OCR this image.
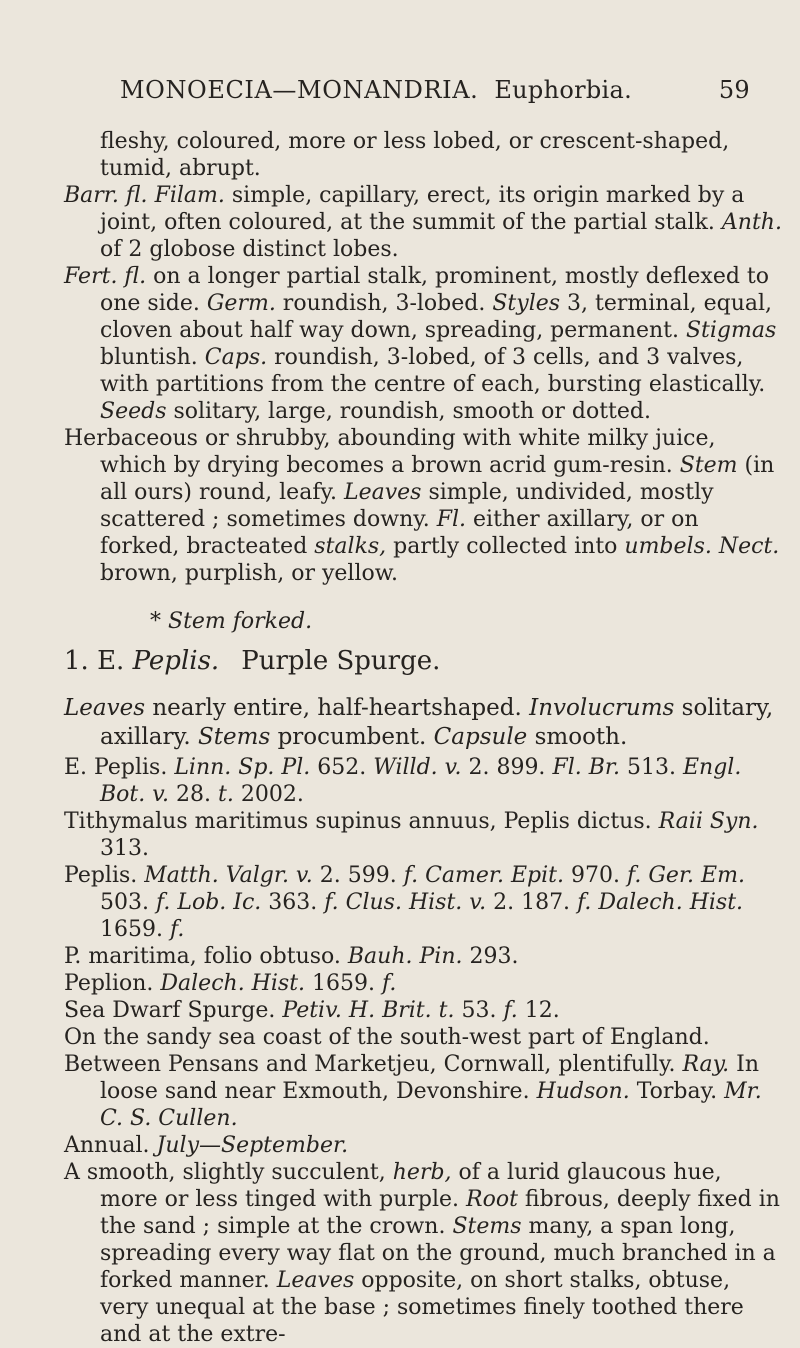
MONOECIA—MONANDRIA. Euphorbia.	59

fleshy, coloured, more or less lobed, or crescent-shaped, tumid, abrupt.

Barr. fl. Filam. simple, capillary, erect, its origin marked by a joint, often coloured, at the summit of the partial stalk. Anth. of 2 globose distinct lobes.

Fert. fl. on a longer partial stalk, prominent, mostly deflexed to one side. Germ. roundish, 3-lobed. Styles 3, terminal, equal, cloven about half way down, spreading, permanent. Stigmas bluntish. Caps. roundish, 3-lobed, of 3 cells, and 3 valves, with partitions from the centre of each, bursting elastically. Seeds solitary, large, roundish, smooth or dotted.

Herbaceous or shrubby, abounding with white milky juice, which by drying becomes a brown acrid gum-resin. Stem (in all ours) round, leafy. Leaves simple, undivided, mostly scattered ; sometimes downy. Fl. either axillary, or on forked, bracteated stalks, partly collected into umbels. Nect. brown, purplish, or yellow.

* Stem forked.
1. E. Peplis. Purple Spurge.

Leaves nearly entire, half-heartshaped. Involucrums solitary, axillary. Stems procumbent. Capsule smooth.

E. Peplis. Linn. Sp. Pl. 652. Willd. v. 2. 899. Fl. Br. 513. Engl. Bot. v. 28. t. 2002.

Tithymalus maritimus supinus annuus, Peplis dictus. Raii Syn. 313.

Peplis. Matth. Valgr. v. 2. 599. f. Camer. Epit. 970. f. Ger. Em. 503. f. Lob. Ic. 363. f. Clus. Hist. v. 2. 187. f. Dalech. Hist. 1659. f.

P. maritima, folio obtuso. Bauh. Pin. 293.

Peplion. Dalech. Hist. 1659. f.

Sea Dwarf Spurge. Petiv. H. Brit. t. 53. f. 12.

On the sandy sea coast of the south-west part of England.

Between Pensans and Marketjeu, Cornwall, plentifully. Ray. In loose sand near Exmouth, Devonshire. Hudson. Torbay. Mr. C. S. Cullen.

Annual. July—September.

A smooth, slightly succulent, herb, of a lurid glaucous hue, more or less tinged with purple. Root fibrous, deeply fixed in the sand ; simple at the crown. Stems many, a span long, spreading every way flat on the ground, much branched in a forked manner. Leaves opposite, on short stalks, obtuse, very unequal at the base ; sometimes finely toothed there and at the extre-
